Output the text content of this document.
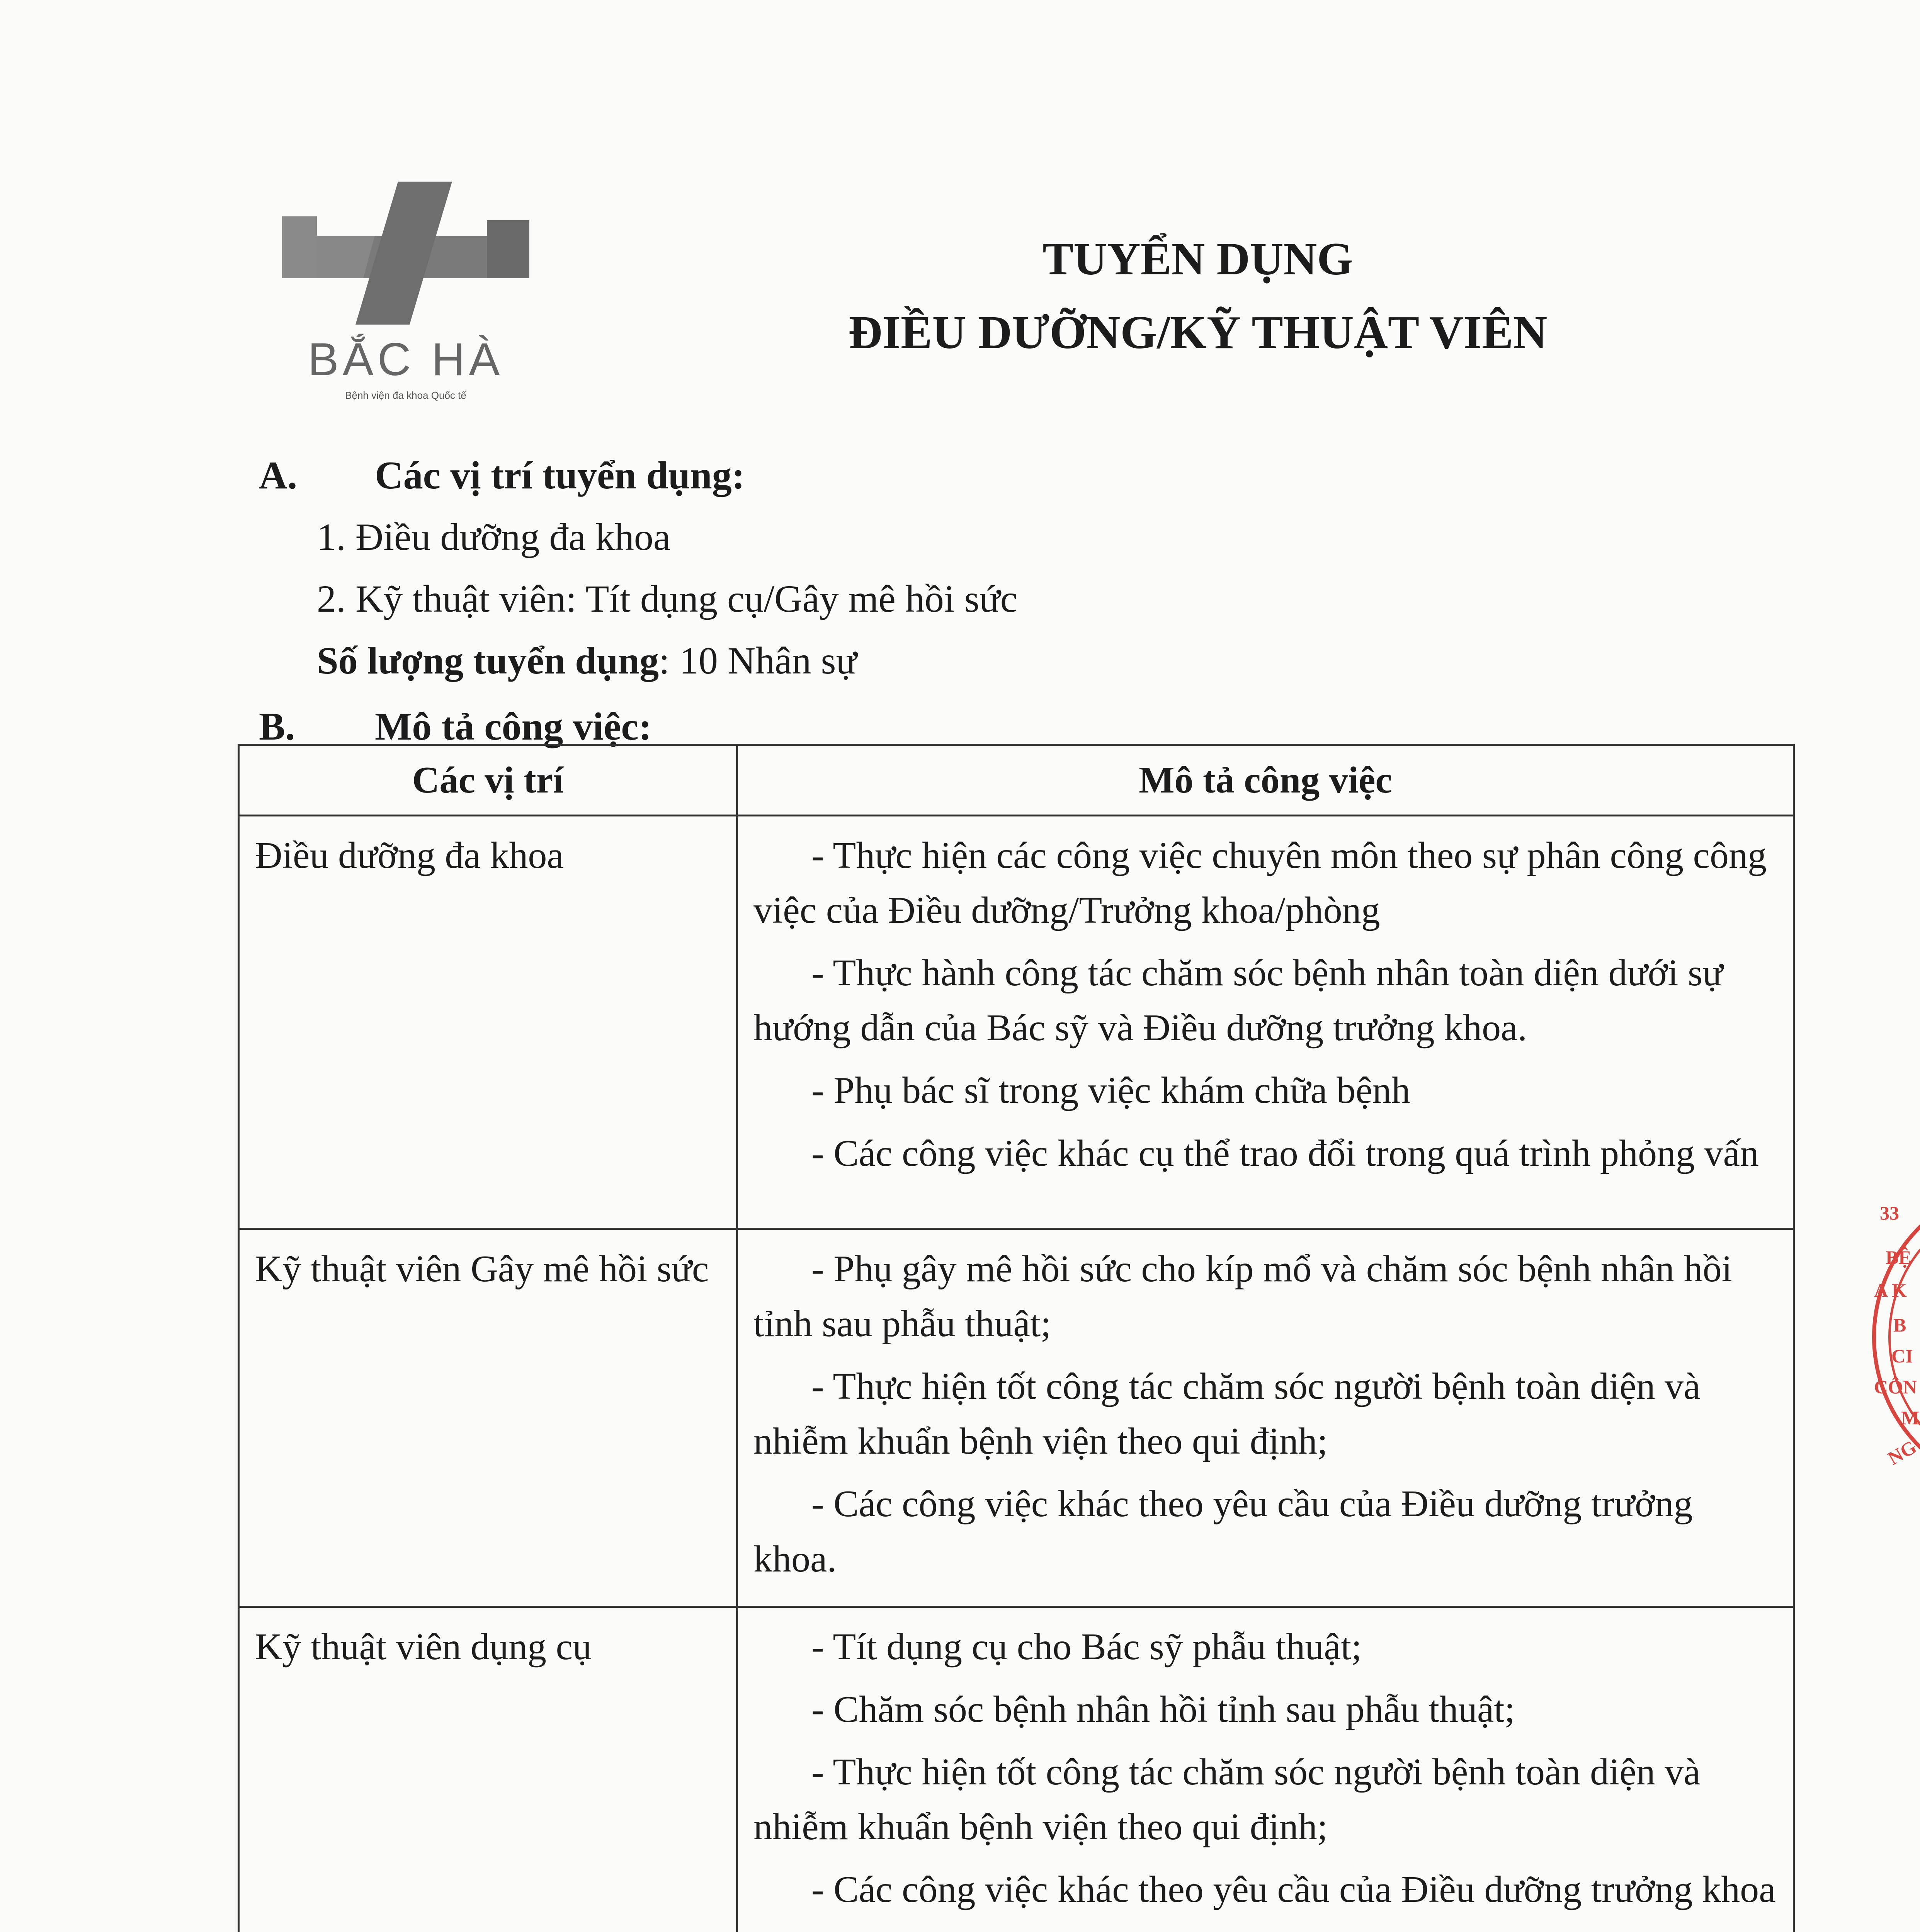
BẮC HÀ
Bệnh viện đa khoa Quốc tế
TUYỂN DỤNG
ĐIỀU DƯỠNG/KỸ THUẬT VIÊN
A. Các vị trí tuyển dụng:
1. Điều dưỡng đa khoa
2. Kỹ thuật viên: Tít dụng cụ/Gây mê hồi sức
Số lượng tuyển dụng: 10 Nhân sự
B. Mô tả công việc:
Các vị trí	Mô tả công việc
Điều dưỡng đa khoa	- Thực hiện các công việc chuyên môn theo sự phân công công việc của Điều dưỡng/Trưởng khoa/phòng
- Thực hành công tác chăm sóc bệnh nhân toàn diện dưới sự hướng dẫn của Bác sỹ và Điều dưỡng trưởng khoa.
- Phụ bác sĩ trong việc khám chữa bệnh
- Các công việc khác cụ thể trao đổi trong quá trình phỏng vấn

Kỹ thuật viên Gây mê hồi sức	- Phụ gây mê hồi sức cho kíp mổ và chăm sóc bệnh nhân hồi tỉnh sau phẫu thuật;
- Thực hiện tốt công tác chăm sóc người bệnh toàn diện và nhiễm khuẩn bệnh viện theo qui định;
- Các công việc khác theo yêu cầu của Điều dưỡng trưởng khoa.

Kỹ thuật viên dụng cụ	- Tít dụng cụ cho Bác sỹ phẫu thuật;
- Chăm sóc bệnh nhân hồi tỉnh sau phẫu thuật;
- Thực hiện tốt công tác chăm sóc người bệnh toàn diện và nhiễm khuẩn bệnh viện theo qui định;
- Các công việc khác theo yêu cầu của Điều dưỡng trưởng khoa

33
BỆ
A K
B
CI
CÔN
M
NG
